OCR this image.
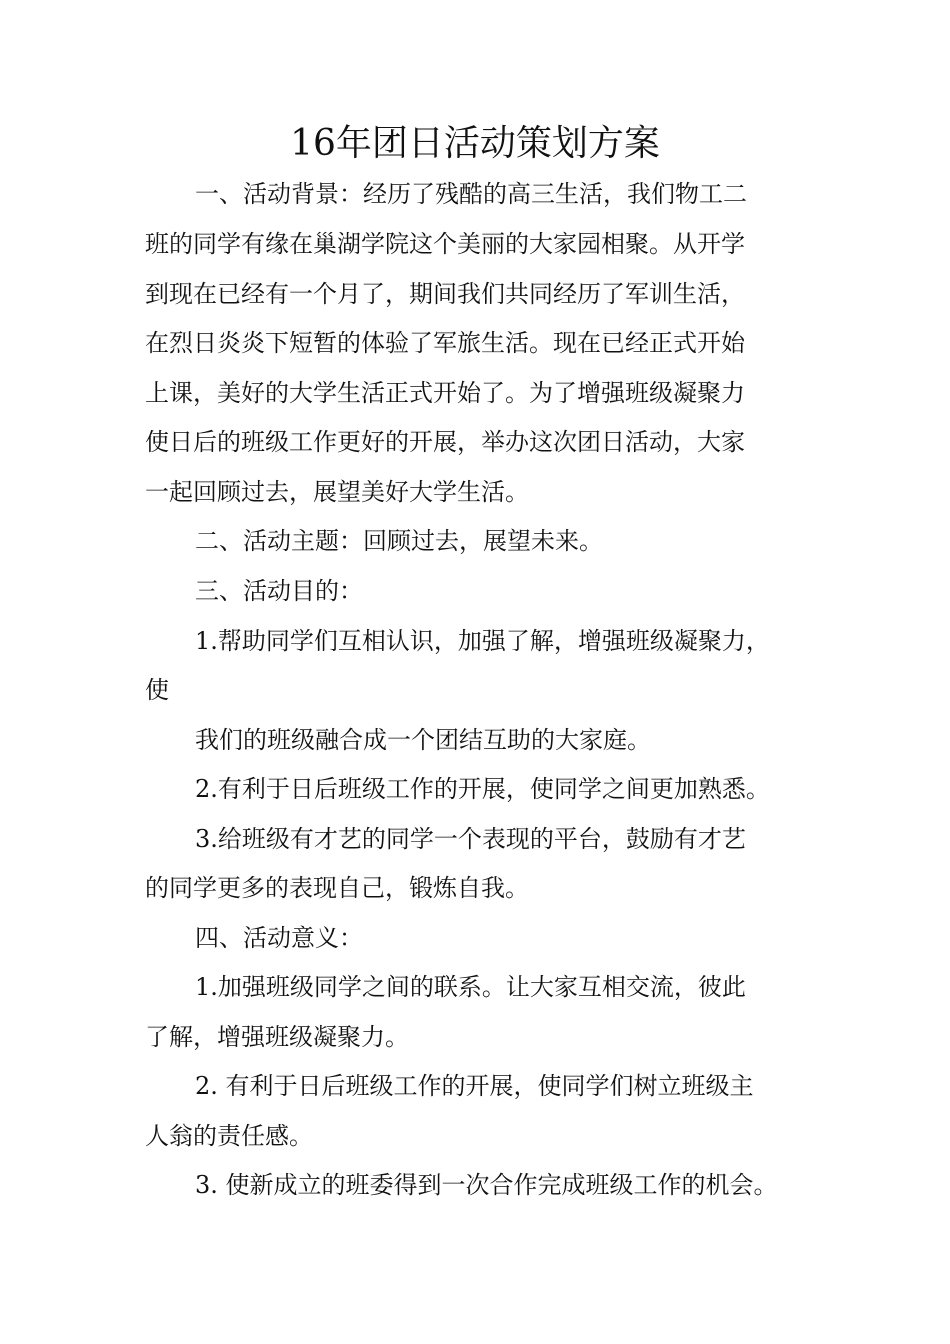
16年团日活动策划方案

一、活动背景：经历了残酷的高三生活，我们物工二

班的同学有缘在巢湖学院这个美丽的大家园相聚。从开学

到现在已经有一个月了，期间我们共同经历了军训生活，

在烈日炎炎下短暂的体验了军旅生活。现在已经正式开始

上课，美好的大学生活正式开始了。为了增强班级凝聚力

使日后的班级工作更好的开展，举办这次团日活动，大家

一起回顾过去，展望美好大学生活。

二、活动主题：回顾过去，展望未来。

三、活动目的：

1.帮助同学们互相认识，加强了解，增强班级凝聚力，

使

我们的班级融合成一个团结互助的大家庭。

2.有利于日后班级工作的开展，使同学之间更加熟悉。

3.给班级有才艺的同学一个表现的平台，鼓励有才艺

的同学更多的表现自己，锻炼自我。

四、活动意义：

1.加强班级同学之间的联系。让大家互相交流，彼此

了解，增强班级凝聚力。

2. 有利于日后班级工作的开展，使同学们树立班级主

人翁的责任感。

3. 使新成立的班委得到一次合作完成班级工作的机会。
